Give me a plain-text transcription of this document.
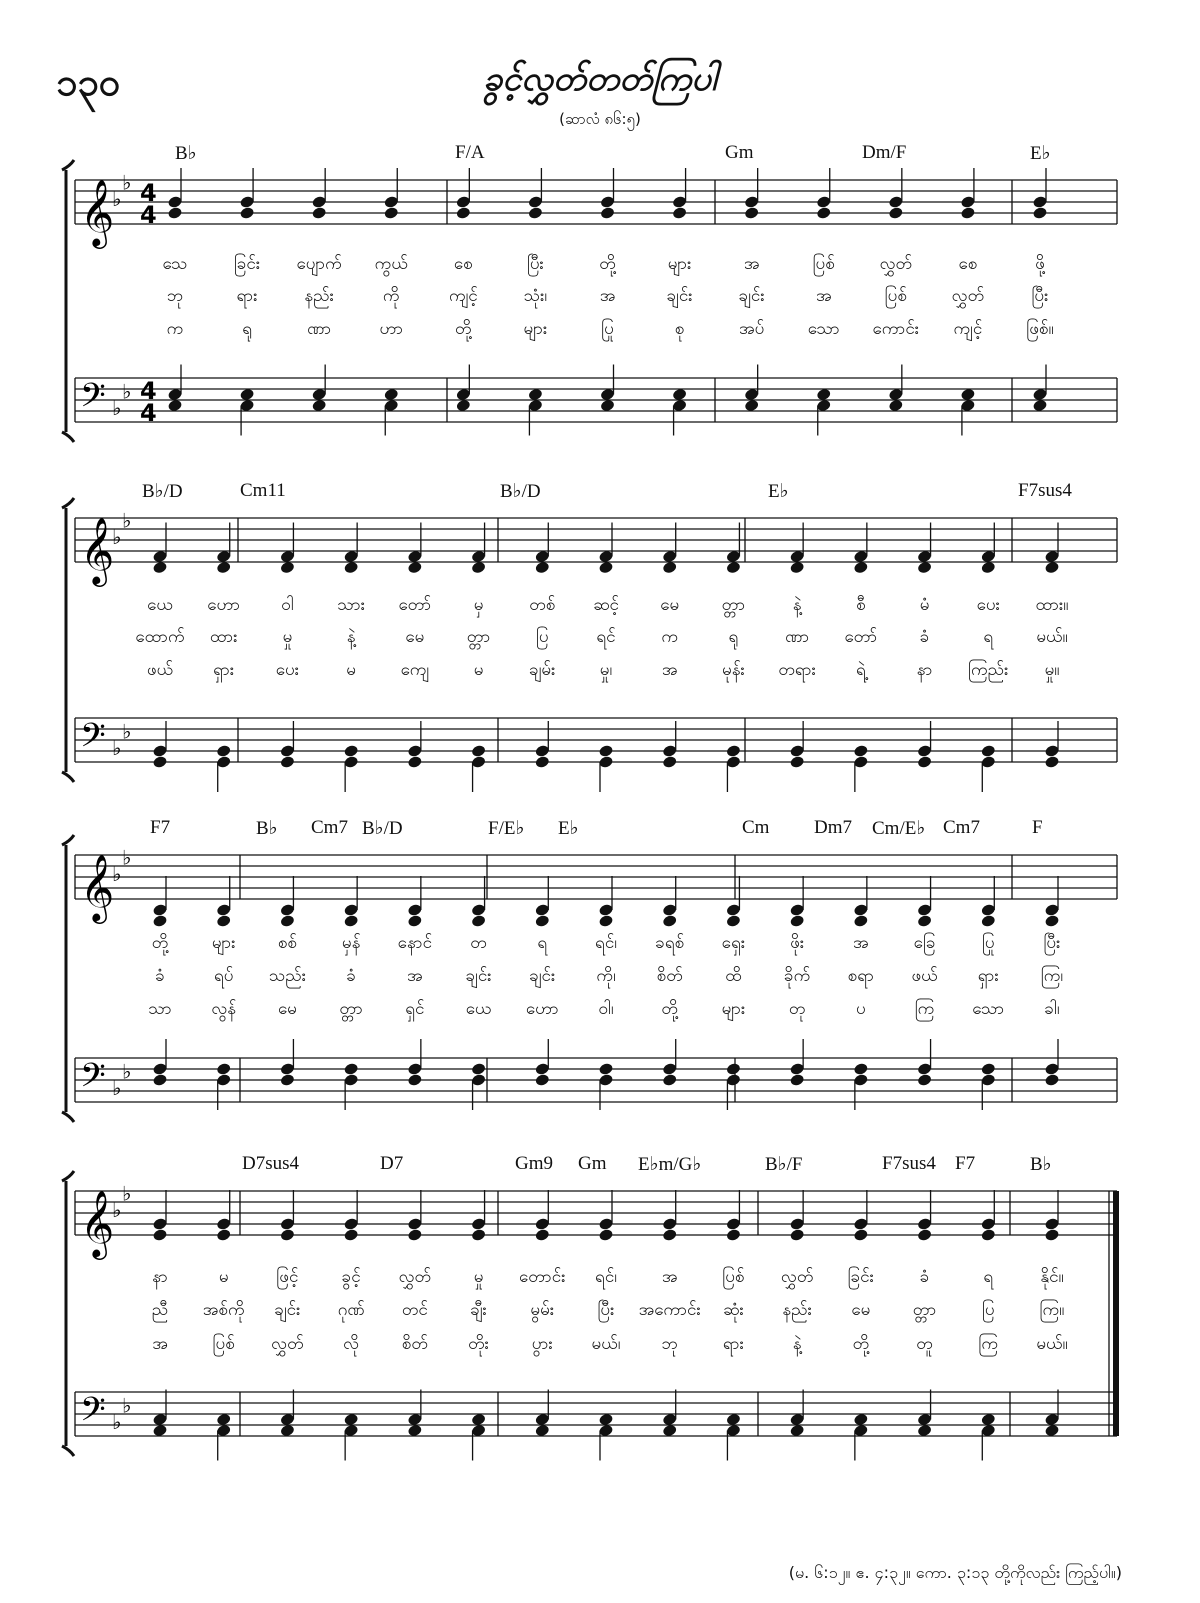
၁၃၀	ခွင့်လွှတ်တတ်ကြပါ
(ဆာလံ ၈၆:၅)
𝄞
𝄢
♭
♭
♭
♭
4
4
4
4
B♭	F/A	Gm	Dm/F	E♭
သေ	ခြင်း ပျောက် ကွယ်	စေ	ပြီး	တို့	များ	အ	ပြစ်	လွှတ်	စေ	ဖို့
ဘု	ရား	နည်း	ကို	ကျင့်	သုံး၊	အ	ချင်း	ချင်း	အ	ပြစ်	လွှတ်	ပြီး
က	ရု	ဏာ	ဟာ	တို့	များ	ပြု	စု	အပ်	သော ကောင်း ကျင့်	ဖြစ်။
𝄞
𝄢
♭
♭
♭
♭
B♭/D	Cm11	B♭/D	E♭	F7sus4
ယေ ဟော ဝါ	သား တော် မှ	တစ် ဆင့် မေ တ္တာ	နဲ့	စီ	မံ	ပေး ထား။
ထောက် ထား	မှု	နဲ့	မေ တ္တာ	ပြ	ရင်	က	ရု	ဏာ တော်	ခံ	ရ	မယ်။
ဖယ် ရှား ပေး	မ	ကျေ	မ	ချမ်း	မှု၊	အ	မုန်း တရား ရဲ့	နာ ကြည်း မှု။
𝄞
𝄢
♭
♭
♭
♭
F7	B♭ Cm7 B♭/D	F/E♭ E♭	Cm Dm7 Cm/E♭ Cm7	F
တို့	များ စစ်	မှန် နောင် တ	ရ	ရင်၊ ခရစ် ရှေး	ဖိုး	အ	ခြေ	ပြု	ပြီး
ခံ	ရပ် သည်း ခံ	အ	ချင်း ချင်း ကို၊ စိတ် ထိ ခိုက် စရာ ဖယ် ရှား ကြ၊
သာ လွန် မေ တ္တာ ရှင် ယေ ဟော ဝါ၊	တို့	များ	တု	ပ	ကြ သော ခါ၊
𝄞
𝄢
♭
♭
♭
♭
D7sus4	D7	Gm9 Gm E♭m/G♭	B♭/F	F7sus4 F7	B♭
နာ	မ	ဖြင့်	ခွင့် လွှတ်	မှု တောင်း ရင်၊	အ	ပြစ် လွှတ် ခြင်း	ခံ	ရ	နိုင်။
ညီ အစ်ကို ချင်း ဂုဏ် တင် ချီး	မွမ်း	ပြီး အကောင်း ဆုံး နည်း မေ တ္တာ	ပြ	ကြ။
အ	ပြစ် လွှတ် လို	စိတ် တိုး	ပွား မယ်၊ ဘု	ရား	နဲ့	တို့	တူ	ကြ မယ်။
(မ. ၆:၁၂။ ဧ. ၄:၃၂။ ကော. ၃:၁၃ တို့ကိုလည်း ကြည့်ပါ။)
